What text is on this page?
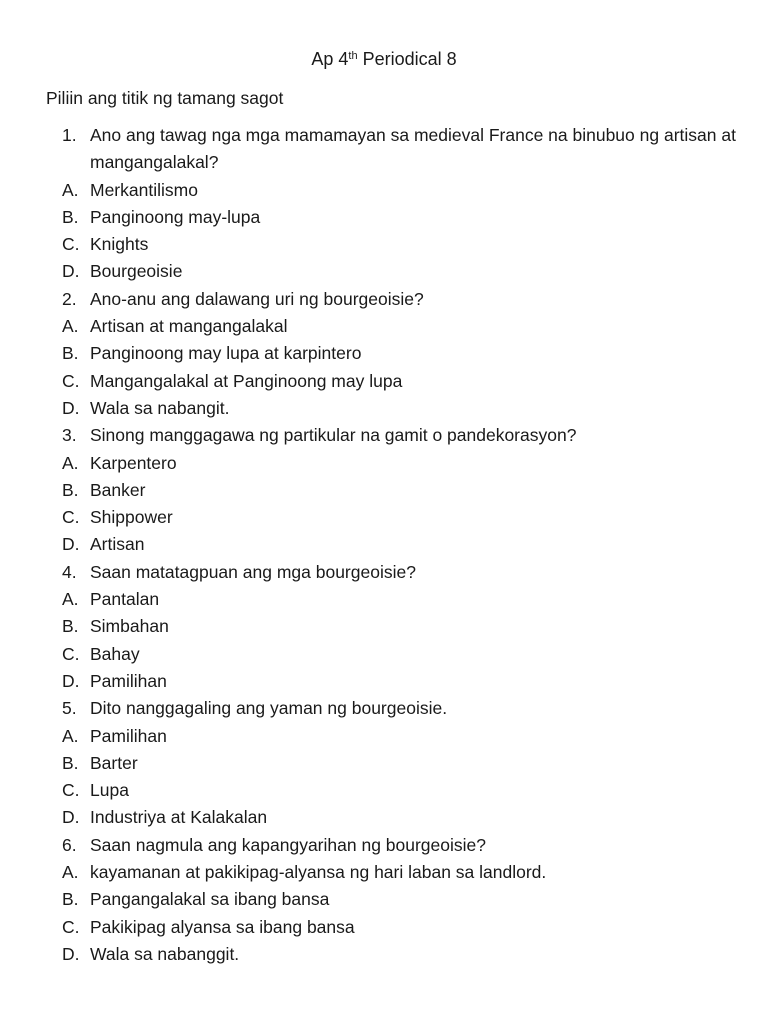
Ap 4th Periodical 8

Piliin ang titik ng tamang sagot

1. Ano ang tawag nga mga mamamayan sa medieval France na binubuo ng artisan at mangangalakal?
A. Merkantilismo
B. Panginoong may-lupa
C. Knights
D. Bourgeoisie
2. Ano-anu ang dalawang uri ng bourgeoisie?
A. Artisan at mangangalakal
B. Panginoong may lupa at karpintero
C. Mangangalakal at Panginoong may lupa
D. Wala sa nabangit.
3. Sinong manggagawa ng partikular na gamit o pandekorasyon?
A. Karpentero
B. Banker
C. Shippower
D. Artisan
4. Saan matatagpuan ang mga bourgeoisie?
A. Pantalan
B. Simbahan
C. Bahay
D. Pamilihan
5. Dito nanggagaling ang yaman ng bourgeoisie.
A. Pamilihan
B. Barter
C. Lupa
D. Industriya at Kalakalan
6. Saan nagmula ang kapangyarihan ng bourgeoisie?
A. kayamanan at pakikipag-alyansa ng hari laban sa landlord.
B. Pangangalakal sa ibang bansa
C. Pakikipag alyansa sa ibang bansa
D. Wala sa nabanggit.
